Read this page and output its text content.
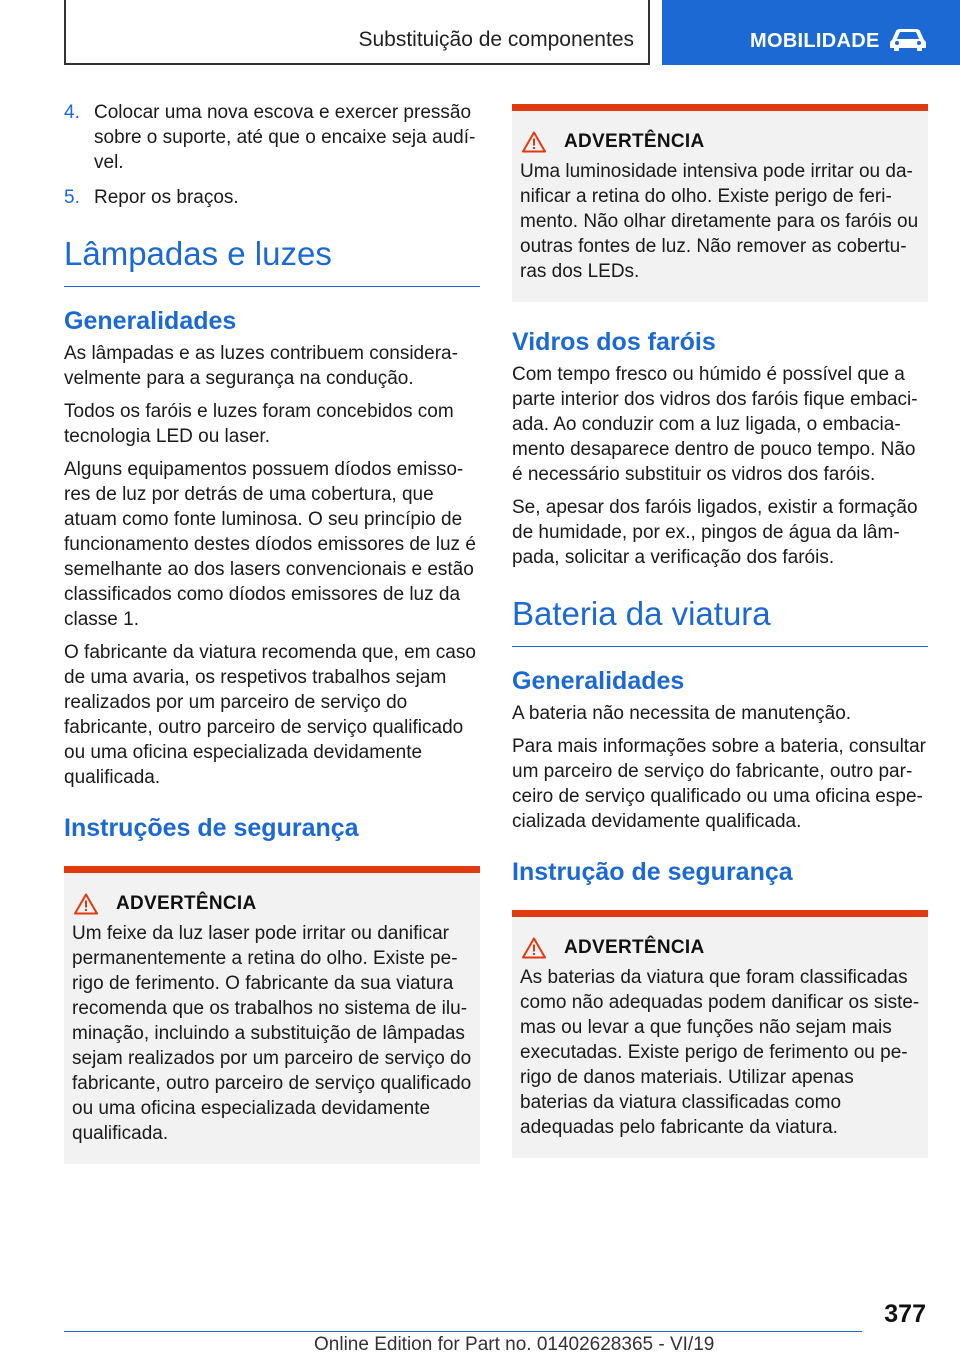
Substituição de componentes	MOBILIDADE
4. Colocar uma nova escova e exercer pressão sobre o suporte, até que o encaixe seja audível.
5. Repor os braços.
Lâmpadas e luzes
Generalidades

As lâmpadas e as luzes contribuem consideravelmente para a segurança na condução.

Todos os faróis e luzes foram concebidos com tecnologia LED ou laser.

Alguns equipamentos possuem díodos emissores de luz por detrás de uma cobertura, que atuam como fonte luminosa. O seu princípio de funcionamento destes díodos emissores de luz é semelhante ao dos lasers convencionais e estão classificados como díodos emissores de luz da classe 1.

O fabricante da viatura recomenda que, em caso de uma avaria, os respetivos trabalhos sejam realizados por um parceiro de serviço do fabricante, outro parceiro de serviço qualificado ou uma oficina especializada devidamente qualificada.

Instruções de segurança
ADVERTÊNCIA

Um feixe da luz laser pode irritar ou danificar permanentemente a retina do olho. Existe perigo de ferimento. O fabricante da sua viatura recomenda que os trabalhos no sistema de iluminação, incluindo a substituição de lâmpadas sejam realizados por um parceiro de serviço do fabricante, outro parceiro de serviço qualificado ou uma oficina especializada devidamente qualificada.

ADVERTÊNCIA

Uma luminosidade intensiva pode irritar ou danificar a retina do olho. Existe perigo de ferimento. Não olhar diretamente para os faróis ou outras fontes de luz. Não remover as coberturas dos LEDs.

Vidros dos faróis

Com tempo fresco ou húmido é possível que a parte interior dos vidros dos faróis fique embaciada. Ao conduzir com a luz ligada, o embaciamento desaparece dentro de pouco tempo. Não é necessário substituir os vidros dos faróis.

Se, apesar dos faróis ligados, existir a formação de humidade, por ex., pingos de água da lâmpada, solicitar a verificação dos faróis.

Bateria da viatura
Generalidades

A bateria não necessita de manutenção.

Para mais informações sobre a bateria, consultar um parceiro de serviço do fabricante, outro parceiro de serviço qualificado ou uma oficina especializada devidamente qualificada.

Instrução de segurança
ADVERTÊNCIA

As baterias da viatura que foram classificadas como não adequadas podem danificar os sistemas ou levar a que funções não sejam mais executadas. Existe perigo de ferimento ou perigo de danos materiais. Utilizar apenas baterias da viatura classificadas como adequadas pelo fabricante da viatura.

377
Online Edition for Part no. 01402628365 - VI/19
